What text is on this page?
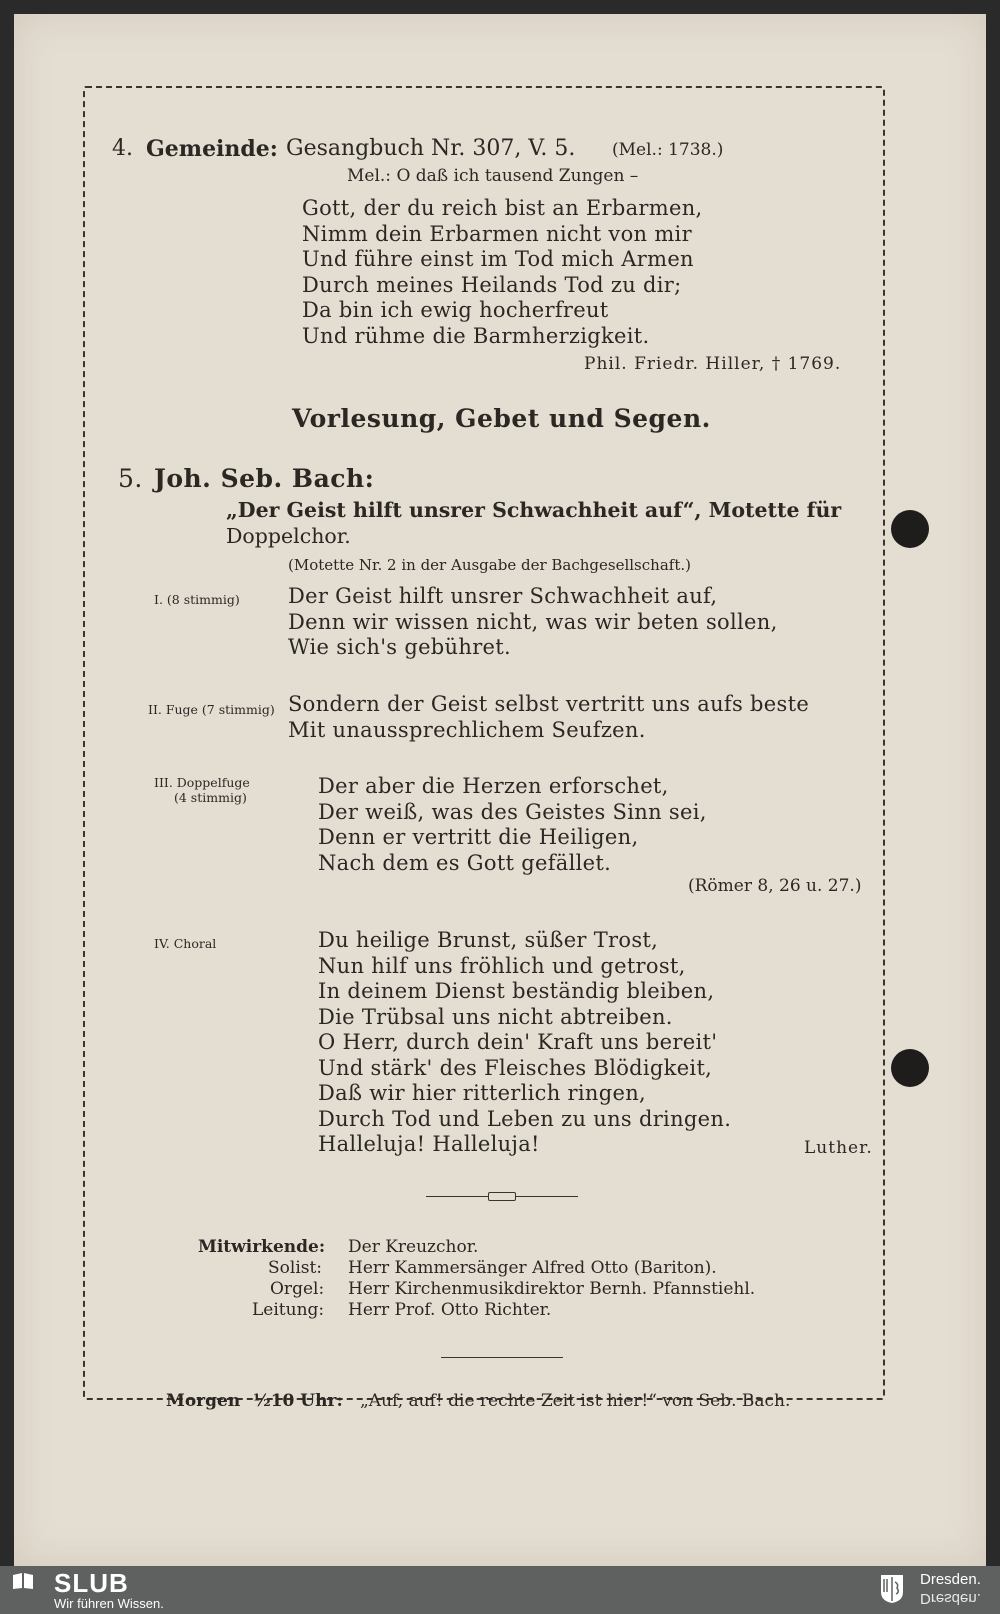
4. Gemeinde: Gesangbuch Nr. 307, V. 5. (Mel.: 1738.)
Mel.: O daß ich tausend Zungen –
Gott, der du reich bist an Erbarmen,
Nimm dein Erbarmen nicht von mir
Und führe einst im Tod mich Armen
Durch meines Heilands Tod zu dir;
Da bin ich ewig hocherfreut
Und rühme die Barmherzigkeit.
Phil. Friedr. Hiller, † 1769.
Vorlesung, Gebet und Segen.
5. Joh. Seb. Bach:
„Der Geist hilft unsrer Schwachheit auf“, Motette für
Doppelchor.
(Motette Nr. 2 in der Ausgabe der Bachgesellschaft.)
I. (8 stimmig) Der Geist hilft unsrer Schwachheit auf,
Denn wir wissen nicht, was wir beten sollen,
Wie sich's gebühret.
II. Fuge (7 stimmig) Sondern der Geist selbst vertritt uns aufs beste
Mit unaussprechlichem Seufzen.
III. Doppelfuge
(4 stimmig)	Der aber die Herzen erforschet,
Der weiß, was des Geistes Sinn sei,
Denn er vertritt die Heiligen,
Nach dem es Gott gefället.
(Römer 8, 26 u. 27.)
IV. Choral	Du heilige Brunst, süßer Trost,
Nun hilf uns fröhlich und getrost,
In deinem Dienst beständig bleiben,
Die Trübsal uns nicht abtreiben.
O Herr, durch dein' Kraft uns bereit'
Und stärk' des Fleisches Blödigkeit,
Daß wir hier ritterlich ringen,
Durch Tod und Leben zu uns dringen.
Halleluja! Halleluja!	Luther.
Mitwirkende: Der Kreuzchor.
Solist: Herr Kammersänger Alfred Otto (Bariton).
Orgel: Herr Kirchenmusikdirektor Bernh. Pfannstiehl.
Leitung: Herr Prof. Otto Richter.
Morgen ½10 Uhr: „Auf, auf! die rechte Zeit ist hier!“ von Seb. Bach.
SLUB
Wir führen Wissen.
Dresden.
Dresden.
